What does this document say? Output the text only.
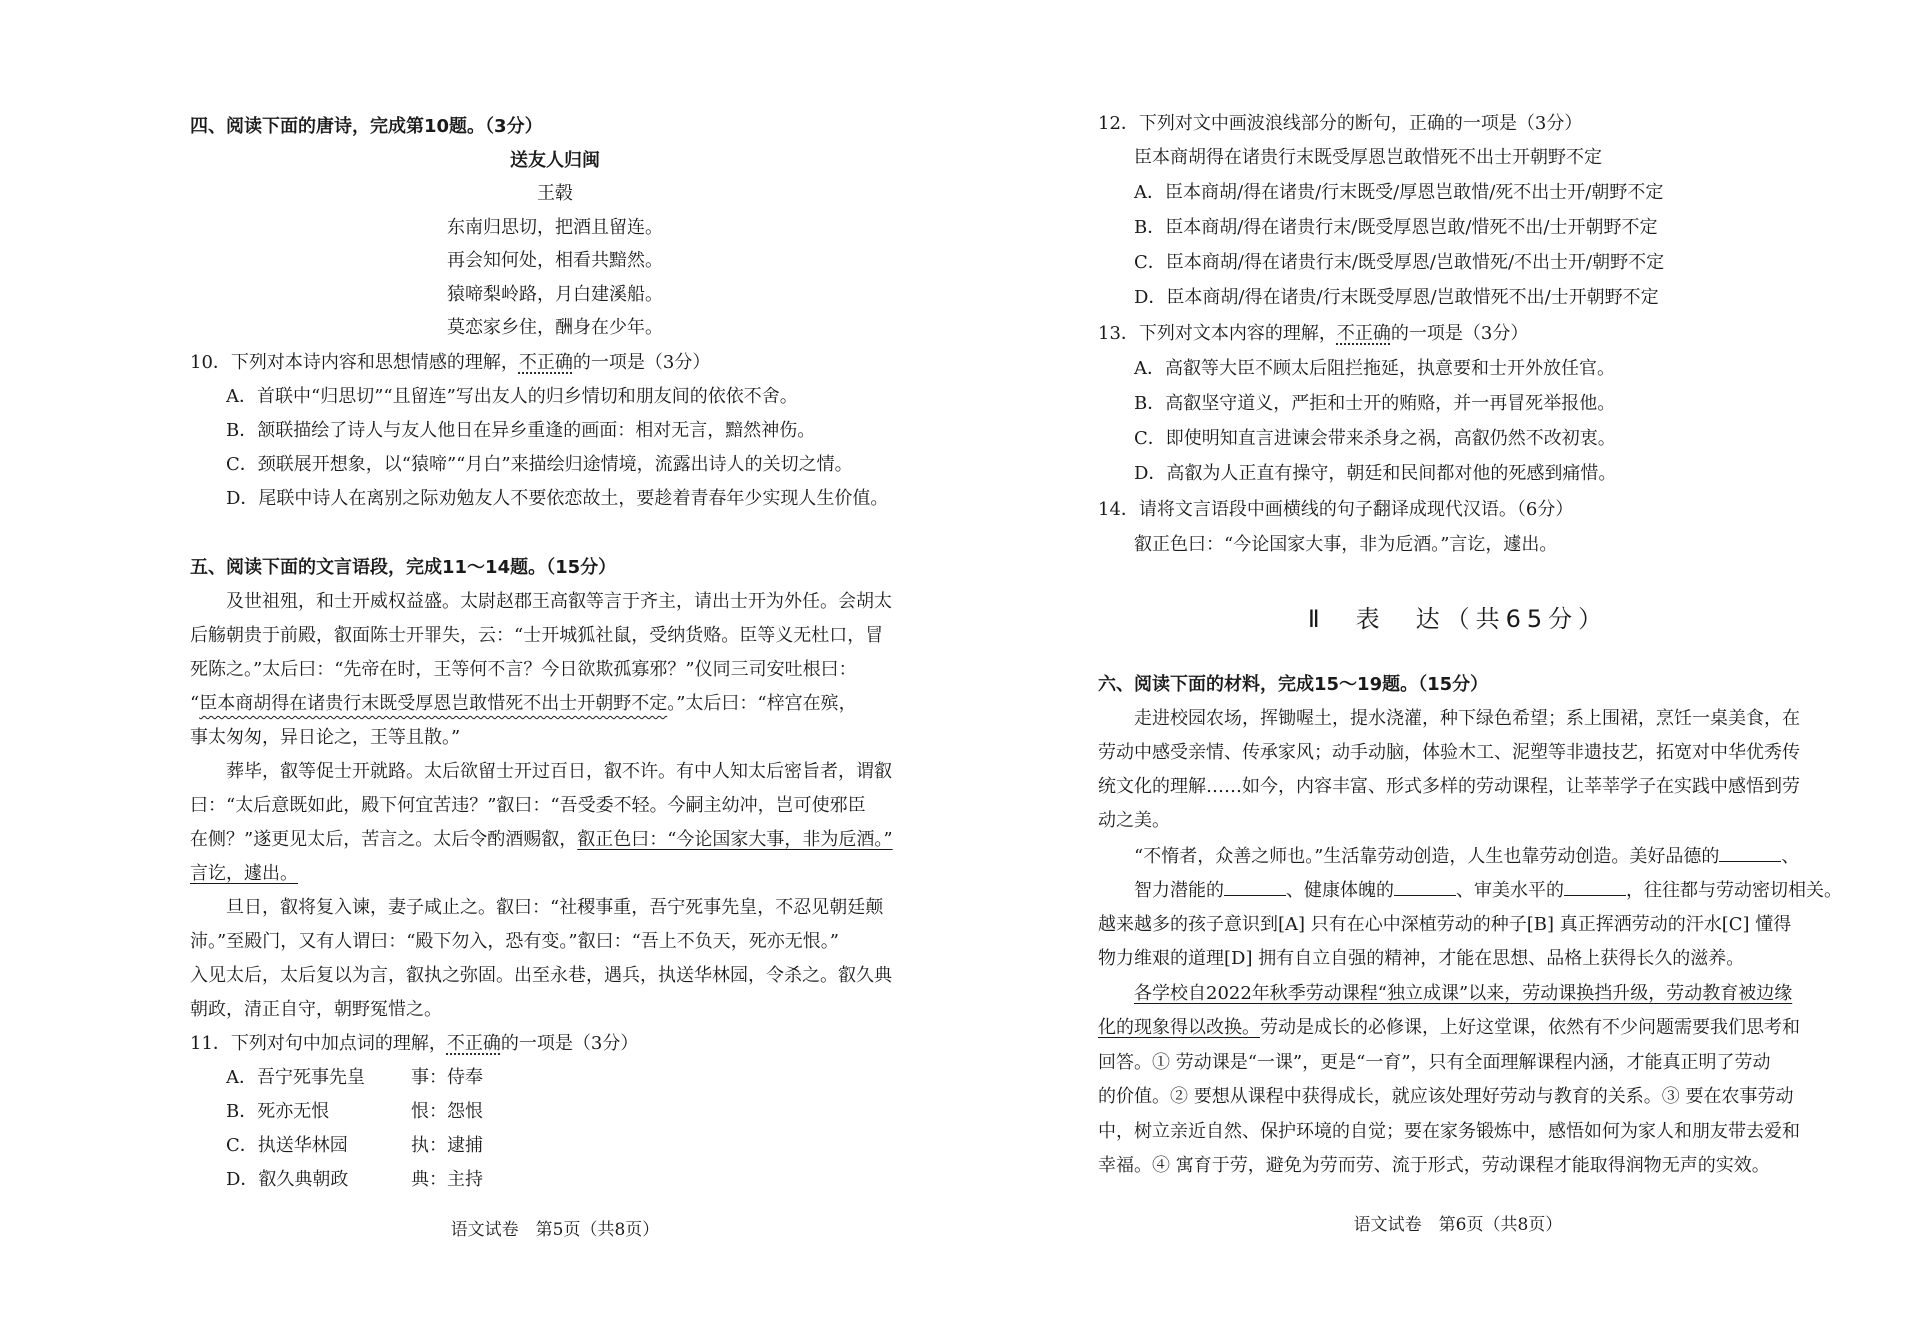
四、阅读下面的唐诗，完成第10题。（3分）
送友人归闽
王毂
东南归思切，把酒且留连。
再会知何处，相看共黯然。
猿啼梨岭路，月白建溪船。
莫恋家乡住，酬身在少年。
10．下列对本诗内容和思想情感的理解，不正确的一项是（3分）
A．首联中“归思切”“且留连”写出友人的归乡情切和朋友间的依依不舍。
B．颔联描绘了诗人与友人他日在异乡重逢的画面：相对无言，黯然神伤。
C．颈联展开想象，以“猿啼”“月白”来描绘归途情境，流露出诗人的关切之情。
D．尾联中诗人在离别之际劝勉友人不要依恋故土，要趁着青春年少实现人生价值。
五、阅读下面的文言语段，完成11～14题。（15分）
及世祖殂，和士开威权益盛。太尉赵郡王高叡等言于齐主，请出士开为外任。会胡太
后觞朝贵于前殿，叡面陈士开罪失，云：“士开城狐社鼠，受纳货赂。臣等义无杜口，冒
死陈之。”太后曰：“先帝在时，王等何不言？今日欲欺孤寡邪？”仪同三司安吐根曰：
“臣本商胡得在诸贵行末既受厚恩岂敢惜死不出士开朝野不定。”太后曰：“梓宫在殡，
事太匆匆，异日论之，王等且散。”
葬毕，叡等促士开就路。太后欲留士开过百日，叡不许。有中人知太后密旨者，谓叡
曰：“太后意既如此，殿下何宜苦违？”叡曰：“吾受委不轻。今嗣主幼冲，岂可使邪臣
在侧？”遂更见太后，苦言之。太后令酌酒赐叡，叡正色曰：“今论国家大事，非为卮酒。”
言讫，遽出。
旦日，叡将复入谏，妻子咸止之。叡曰：“社稷事重，吾宁死事先皇，不忍见朝廷颠
沛。”至殿门，又有人谓曰：“殿下勿入，恐有变。”叡曰：“吾上不负天，死亦无恨。”
入见太后，太后复以为言，叡执之弥固。出至永巷，遇兵，执送华林园，令杀之。叡久典
朝政，清正自守，朝野冤惜之。
11．下列对句中加点词的理解，不正确的一项是（3分）
A．吾宁死事先皇	事：侍奉
B．死亦无恨	恨：怨恨
C．执送华林园	执：逮捕
D．叡久典朝政	典：主持
语文试卷　第5页（共8页）
12．下列对文中画波浪线部分的断句，正确的一项是（3分）
臣本商胡得在诸贵行末既受厚恩岂敢惜死不出士开朝野不定
A．臣本商胡/得在诸贵/行末既受/厚恩岂敢惜/死不出士开/朝野不定
B．臣本商胡/得在诸贵行末/既受厚恩岂敢/惜死不出/士开朝野不定
C．臣本商胡/得在诸贵行末/既受厚恩/岂敢惜死/不出士开/朝野不定
D．臣本商胡/得在诸贵/行末既受厚恩/岂敢惜死不出/士开朝野不定
13．下列对文本内容的理解，不正确的一项是（3分）
A．高叡等大臣不顾太后阻拦拖延，执意要和士开外放任官。
B．高叡坚守道义，严拒和士开的贿赂，并一再冒死举报他。
C．即使明知直言进谏会带来杀身之祸，高叡仍然不改初衷。
D．高叡为人正直有操守，朝廷和民间都对他的死感到痛惜。
14．请将文言语段中画横线的句子翻译成现代汉语。（6分）
叡正色曰：“今论国家大事，非为卮酒。”言讫，遽出。
Ⅱ　表　达（共65分）
六、阅读下面的材料，完成15～19题。（15分）
走进校园农场，挥锄喔土，提水浇灌，种下绿色希望；系上围裙，烹饪一桌美食，在
劳动中感受亲情、传承家风；动手动脑，体验木工、泥塑等非遗技艺，拓宽对中华优秀传
统文化的理解……如今，内容丰富、形式多样的劳动课程，让莘莘学子在实践中感悟到劳
动之美。
“不惰者，众善之师也。”生活靠劳动创造，人生也靠劳动创造。美好品德的	、
智力潜能的	、健康体魄的	、审美水平的	，往往都与劳动密切相关。
越来越多的孩子意识到[A] 只有在心中深植劳动的种子[B] 真正挥洒劳动的汗水[C] 懂得
物力维艰的道理[D] 拥有自立自强的精神，才能在思想、品格上获得长久的滋养。
各学校自2022年秋季劳动课程“独立成课”以来，劳动课换挡升级，劳动教育被边缘
化的现象得以改换。劳动是成长的必修课，上好这堂课，依然有不少问题需要我们思考和
回答。① 劳动课是“一课”，更是“一育”，只有全面理解课程内涵，才能真正明了劳动
的价值。② 要想从课程中获得成长，就应该处理好劳动与教育的关系。③ 要在农事劳动
中，树立亲近自然、保护环境的自觉；要在家务锻炼中，感悟如何为家人和朋友带去爱和
幸福。④ 寓育于劳，避免为劳而劳、流于形式，劳动课程才能取得润物无声的实效。
语文试卷　第6页（共8页）
